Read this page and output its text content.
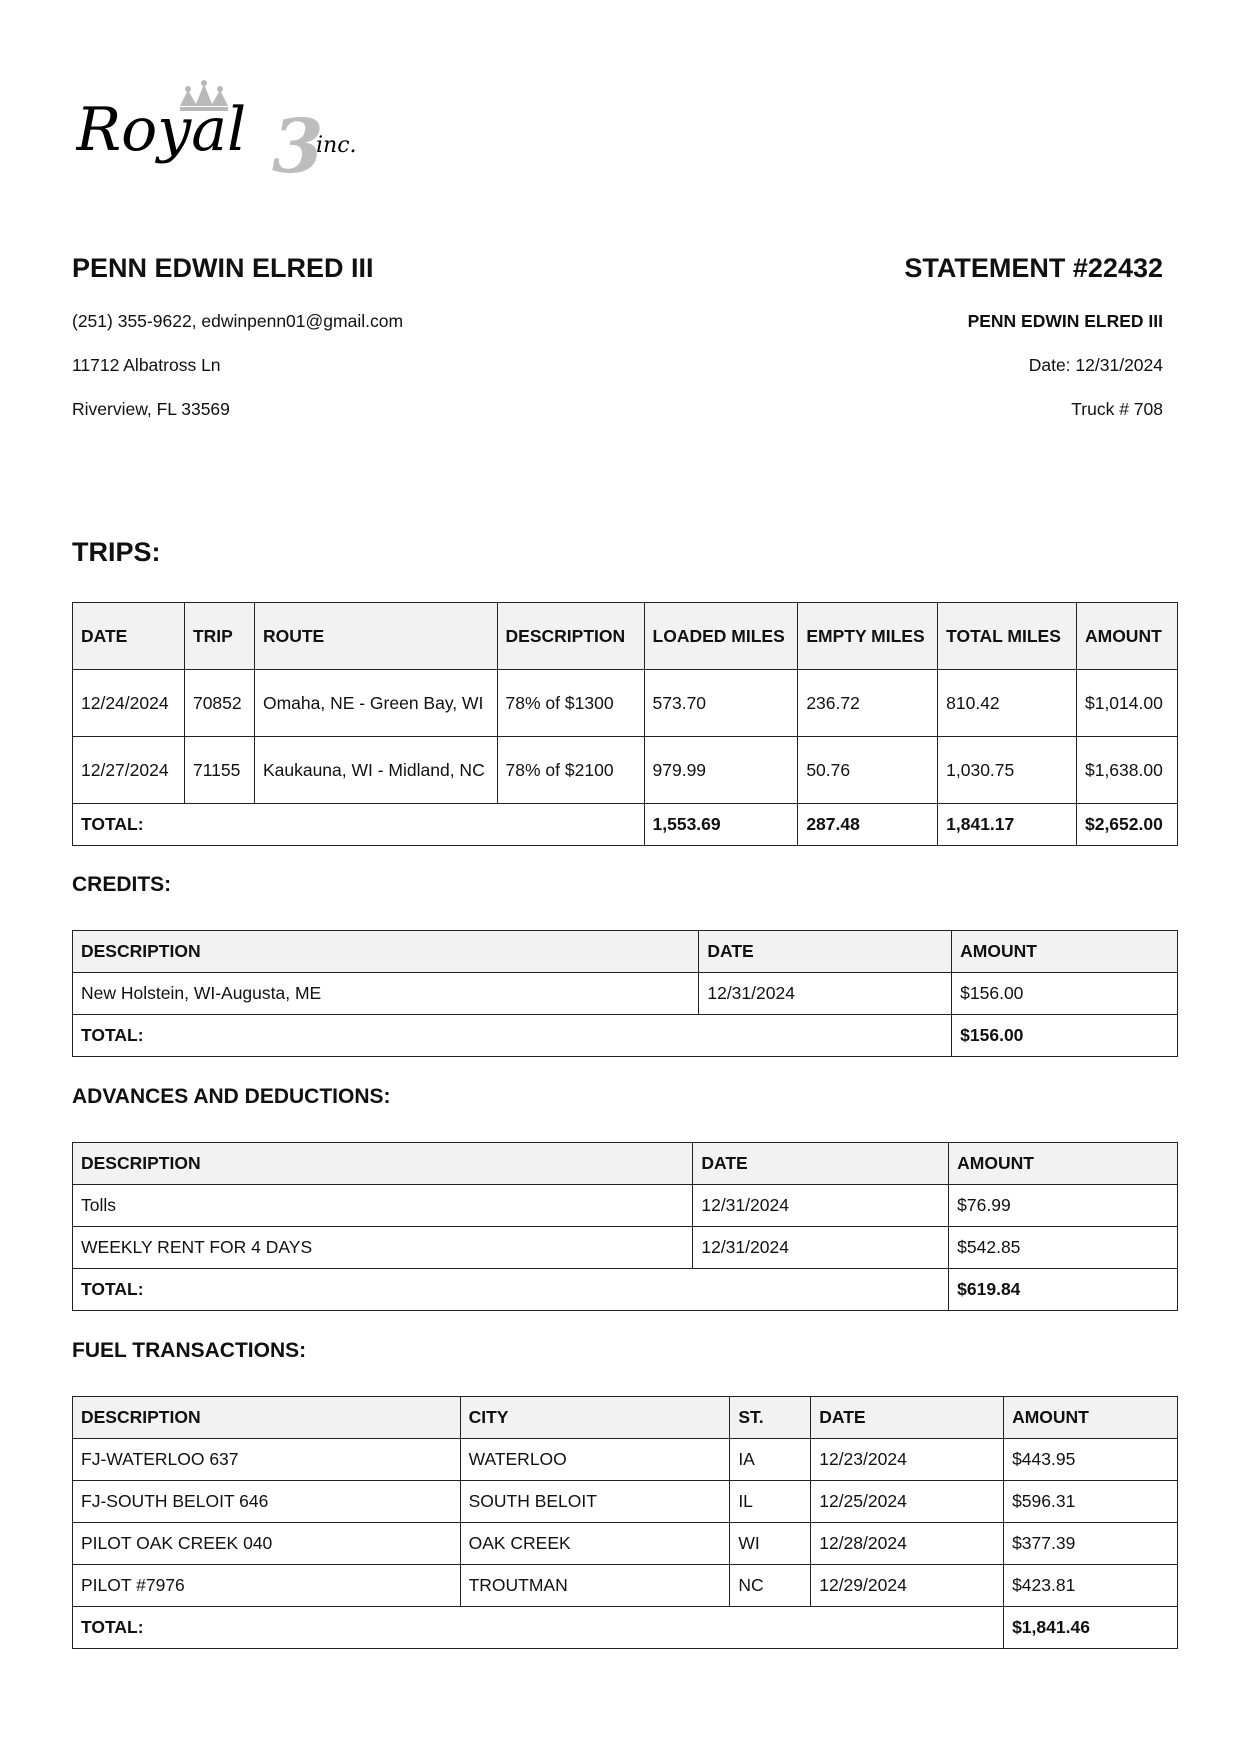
3
Royal	inc.

PENN EDWIN ELRED III

(251) 355-9622, edwinpenn01@gmail.com

11712 Albatross Ln

Riverview, FL 33569

STATEMENT #22432

PENN EDWIN ELRED III

Date: 12/31/2024

Truck # 708

TRIPS:

DATE	TRIP	ROUTE	DESCRIPTION	LOADED MILES	EMPTY MILES	TOTAL MILES	AMOUNT
12/24/2024	70852	Omaha, NE - Green Bay, WI	78% of $1300	573.70	236.72	810.42	$1,014.00
12/27/2024	71155	Kaukauna, WI - Midland, NC	78% of $2100	979.99	50.76	1,030.75	$1,638.00
TOTAL:				1,553.69	287.48	1,841.17	$2,652.00

CREDITS:

DESCRIPTION	DATE	AMOUNT
New Holstein, WI-Augusta, ME	12/31/2024	$156.00
TOTAL:		$156.00

ADVANCES AND DEDUCTIONS:

DESCRIPTION	DATE	AMOUNT
Tolls	12/31/2024	$76.99
WEEKLY RENT FOR 4 DAYS	12/31/2024	$542.85
TOTAL:		$619.84

FUEL TRANSACTIONS:

DESCRIPTION	CITY	ST.	DATE	AMOUNT
FJ-WATERLOO 637	WATERLOO	IA	12/23/2024	$443.95
FJ-SOUTH BELOIT 646	SOUTH BELOIT	IL	12/25/2024	$596.31
PILOT OAK CREEK 040	OAK CREEK	WI	12/28/2024	$377.39
PILOT #7976	TROUTMAN	NC	12/29/2024	$423.81
TOTAL:				$1,841.46
